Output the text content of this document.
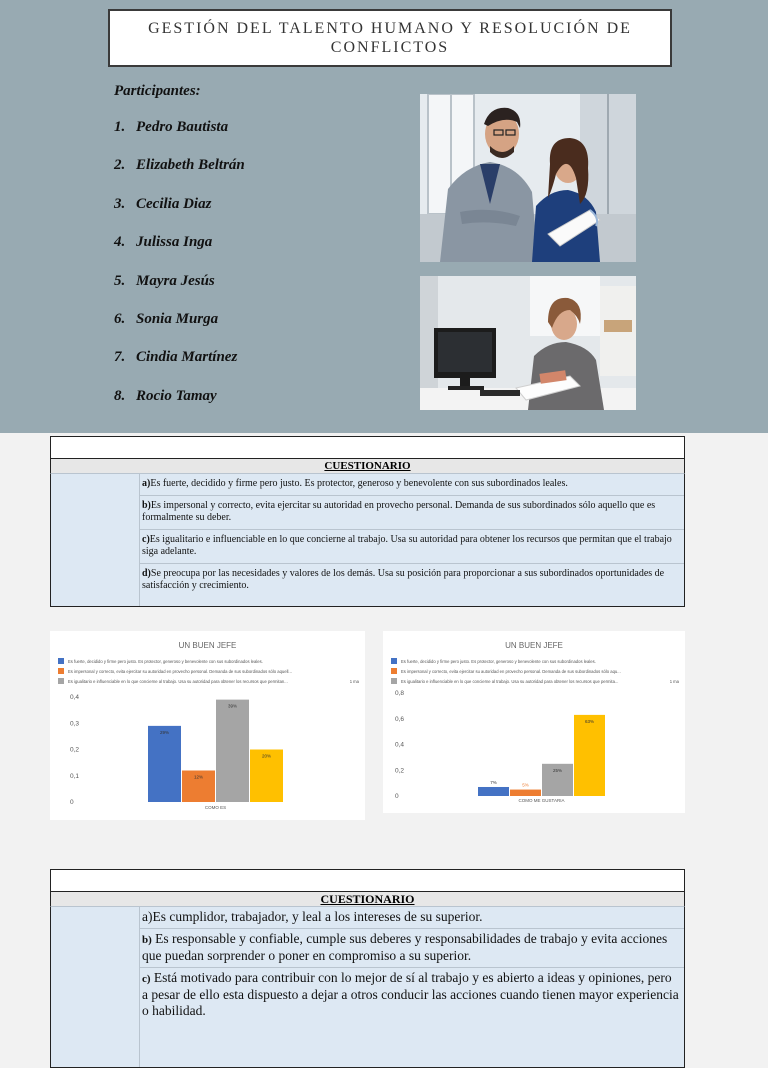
GESTIÓN DEL TALENTO HUMANO Y RESOLUCIÓN DE CONFLICTOS
Participantes:
1. Pedro Bautista
2. Elizabeth Beltrán
3. Cecilia Diaz
4. Julissa Inga
5. Mayra Jesús
6. Sonia Murga
7. Cindia Martínez
8. Rocio Tamay
CUESTIONARIO
a)Es fuerte, decidido y firme pero justo. Es protector, generoso y benevolente con sus subordinados leales.
b)Es impersonal y correcto, evita ejercitar su autoridad en provecho personal. Demanda de sus subordinados sólo aquello que es formalmente su deber.
c)Es igualitario e influenciable en lo que concierne al trabajo. Usa su autoridad para obtener los recursos que permitan que el trabajo siga adelante.
d)Se preocupa por las necesidades y valores de los demás. Usa su posición para proporcionar a sus subordinados oportunidades de satisfacción y crecimiento.
UN BUEN JEFE
Es fuerte, decidido y firme pero justo. Es protector, generoso y benevolente con sus subordinados leales.
Es impersonal y correcto, evita ejercitar su autoridad en provecho personal. Demanda de sus subordinados sólo aquell...
Es igualitario e influenciable en lo que concierne al trabajo. Usa su autoridad para obtener los recursos que permitan...	1 ma
0
0,1
0,2
0,3
0,4
29%
12%
39%
20%
COMO ES
UN BUEN JEFE
Es fuerte, decidido y firme pero justo. Es protector, generoso y benevolente con sus subordinados leales.
Es impersonal y correcto, evita ejercitar su autoridad en provecho personal. Demanda de sus subordinados sólo aqu...
Es igualitario e influenciable en lo que concierne al trabajo. Usa su autoridad para obtener los recursos que permita...	1 ma
0
0,2
0,4
0,6
0,8
7%
5%
25%
63%
COMO ME GUSTARIA
CUESTIONARIO
a)Es cumplidor, trabajador, y leal a los intereses de su superior.
b) Es responsable y confiable, cumple sus deberes y responsabilidades de trabajo y evita acciones que puedan sorprender o poner en compromiso a su superior.
c) Está motivado para contribuir con lo mejor de sí al trabajo y es abierto a ideas y opiniones, pero a pesar de ello esta dispuesto a dejar a otros conducir las acciones cuando tienen mayor experiencia o habilidad.
